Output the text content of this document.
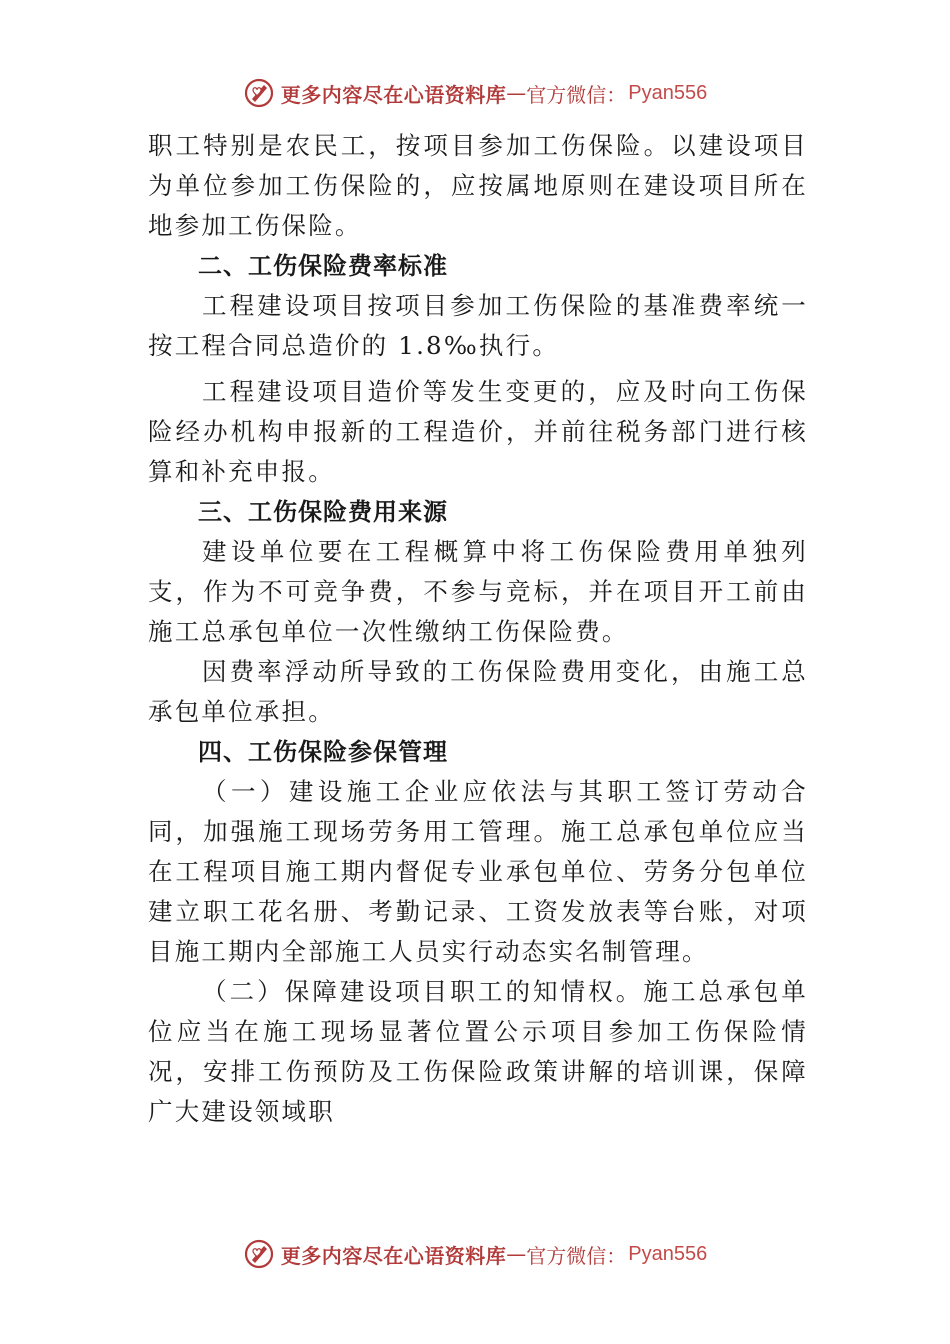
更多内容尽在心语资料库 — 官方微信： Pyan556

职工特别是农民工，按项目参加工伤保险。以建设项目为单位参加工伤保险的，应按属地原则在建设项目所在地参加工伤保险。

二、工伤保险费率标准

工程建设项目按项目参加工伤保险的基准费率统一按工程合同总造价的 1.8‰执行。

工程建设项目造价等发生变更的，应及时向工伤保险经办机构申报新的工程造价，并前往税务部门进行核算和补充申报。

三、工伤保险费用来源

建设单位要在工程概算中将工伤保险费用单独列支，作为不可竞争费，不参与竞标，并在项目开工前由施工总承包单位一次性缴纳工伤保险费。

因费率浮动所导致的工伤保险费用变化，由施工总承包单位承担。

四、工伤保险参保管理

（一）建设施工企业应依法与其职工签订劳动合同，加强施工现场劳务用工管理。施工总承包单位应当在工程项目施工期内督促专业承包单位、劳务分包单位建立职工花名册、考勤记录、工资发放表等台账，对项目施工期内全部施工人员实行动态实名制管理。

（二）保障建设项目职工的知情权。施工总承包单位应当在施工现场显著位置公示项目参加工伤保险情况，安排工伤预防及工伤保险政策讲解的培训课，保障广大建设领域职

更多内容尽在心语资料库 — 官方微信： Pyan556
